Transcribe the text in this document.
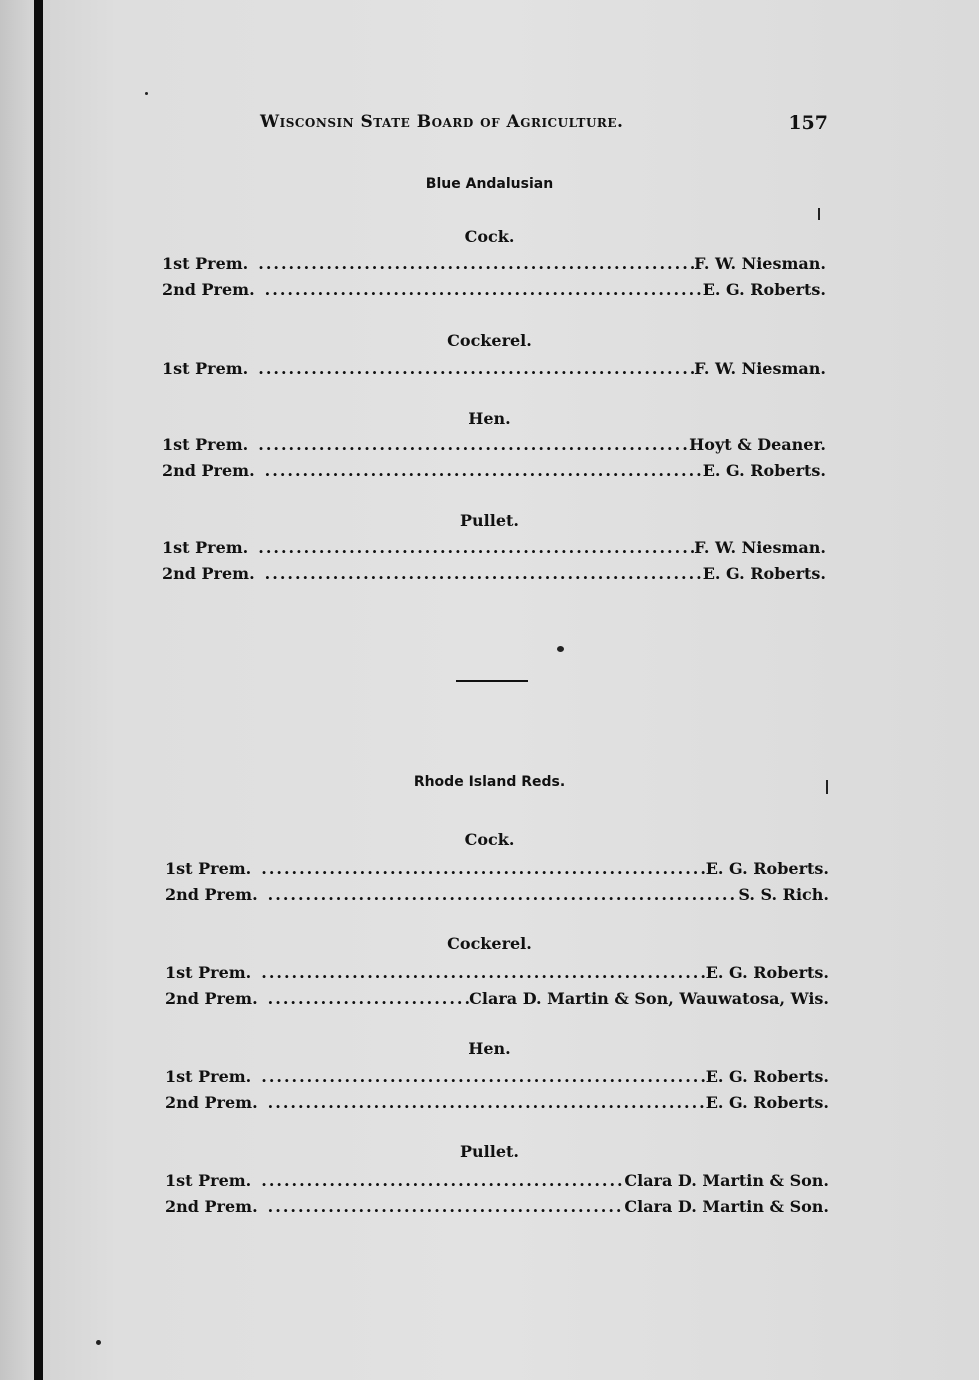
Wisconsin State Board of Agriculture.	157
Blue Andalusian
Cock.
1st Prem. .....	F. W. Niesman.
2nd Prem. .....	E. G. Roberts.
Cockerel.
1st Prem. .....	F. W. Niesman.
Hen.
1st Prem. .....	Hoyt & Deaner.
2nd Prem. .....	E. G. Roberts.
Pullet.
1st Prem. .....	F. W. Niesman.
2nd Prem. .....	E. G. Roberts.
Rhode Island Reds.
Cock.
1st Prem. .....	E. G. Roberts.
2nd Prem. .....	S. S. Rich.
Cockerel.
1st Prem. .....	E. G. Roberts.
2nd Prem. .....	Clara D. Martin & Son, Wauwatosa, Wis.
Hen.
1st Prem. .....	E. G. Roberts.
2nd Prem. .....	E. G. Roberts.
Pullet.
1st Prem. .....	Clara D. Martin & Son.
2nd Prem. .....	Clara D. Martin & Son.
